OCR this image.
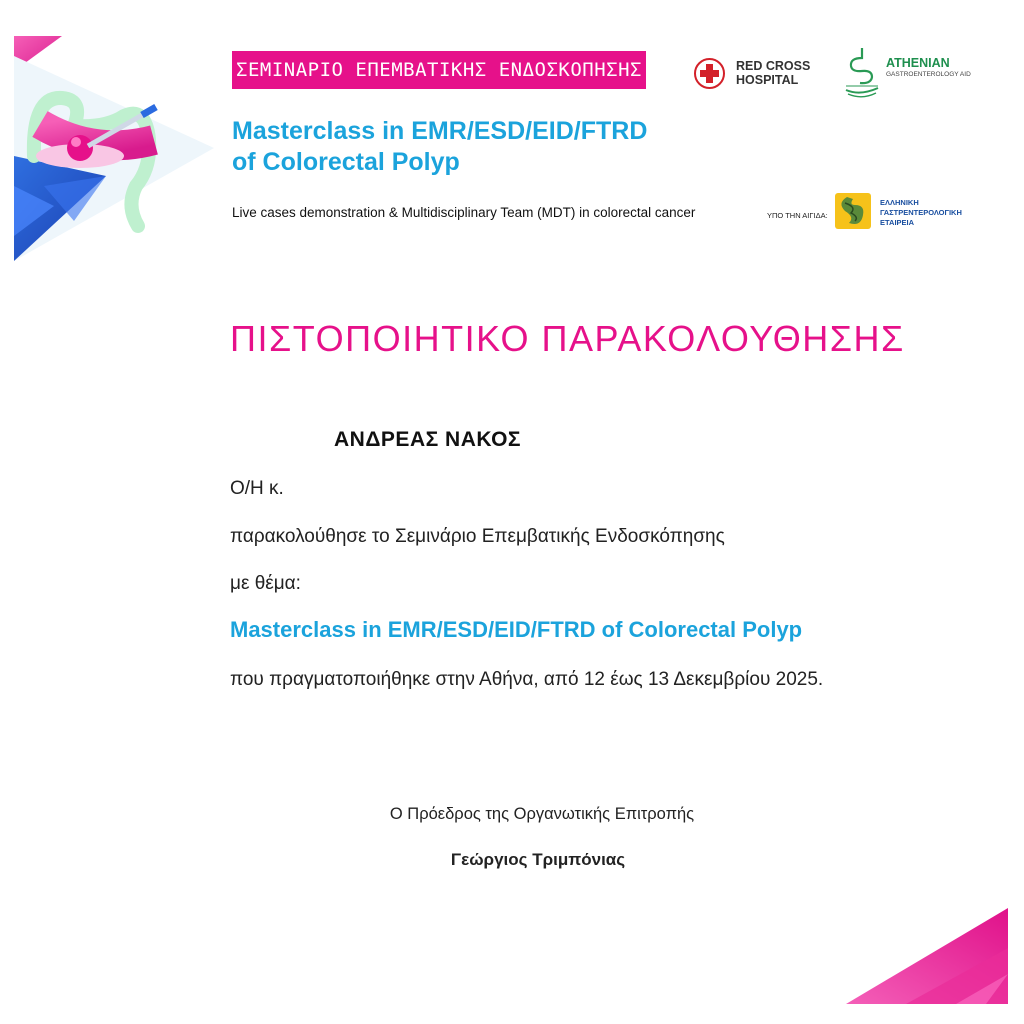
ΣΕΜΙΝΑΡΙΟ ΕΠΕΜΒΑΤΙΚΗΣ ΕΝΔΟΣΚΟΠΗΣΗΣ
Masterclass in EMR/ESD/EID/FTRD
of Colorectal Polyp
Live cases demonstration & Multidisciplinary Team (MDT) in colorectal cancer
RED CROSS
HOSPITAL
ATHENIAN
GASTROENTEROLOGY AID
ΥΠΟ ΤΗΝ ΑΙΓΙΔΑ:
ΕΛΛΗΝΙΚΗ
ΓΑΣΤΡΕΝΤΕΡΟΛΟΓΙΚΗ
ΕΤΑΙΡΕΙΑ
ΠΙΣΤΟΠΟΙΗΤΙΚΟ ΠΑΡΑΚΟΛΟΥΘΗΣΗΣ
ΑΝΔΡΕΑΣ ΝΑΚΟΣ
Ο/Η κ.
παρακολούθησε το Σεμινάριο Επεμβατικής Ενδοσκόπησης
με θέμα:
Masterclass in EMR/ESD/EID/FTRD of Colorectal Polyp
που πραγματοποιήθηκε στην Αθήνα, από 12 έως 13 Δεκεμβρίου 2025.
Ο Πρόεδρος της Οργανωτικής Επιτροπής
Γεώργιος Τριμπόνιας
